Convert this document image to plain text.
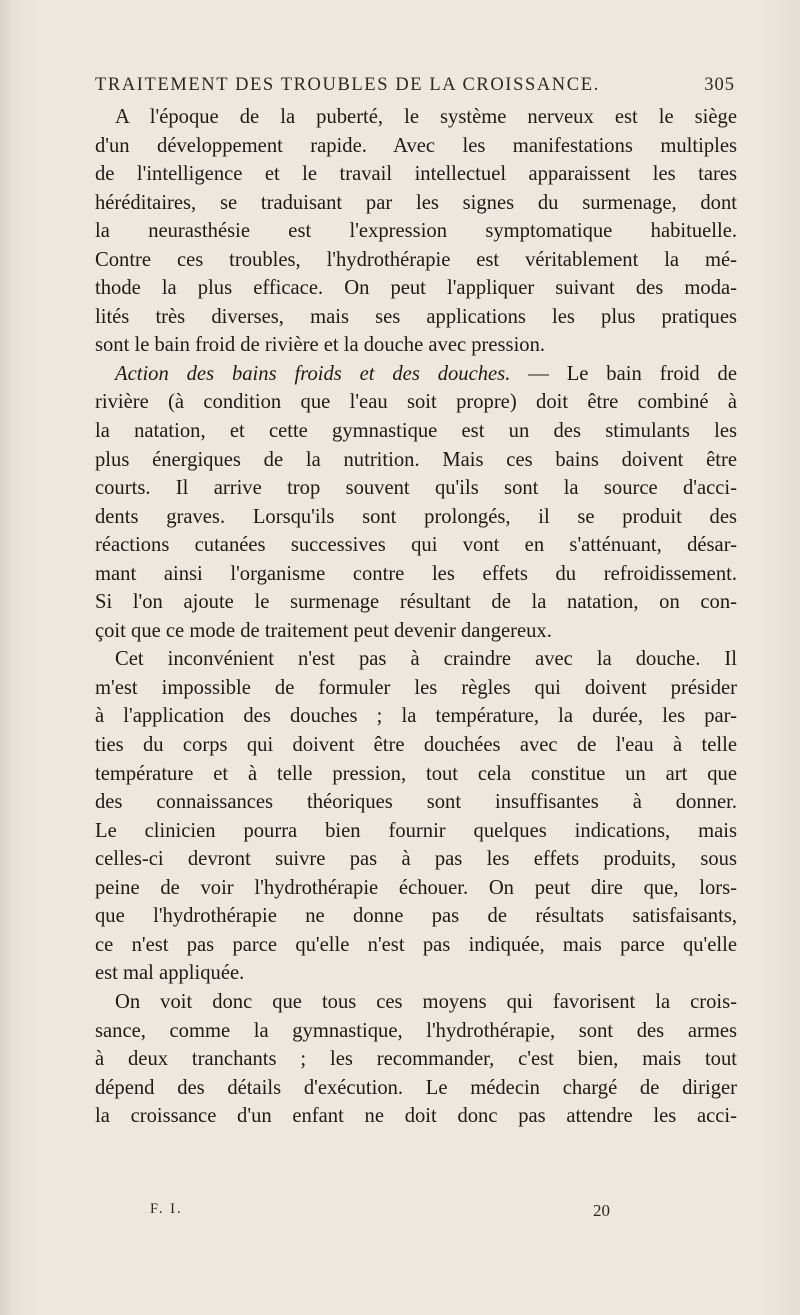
TRAITEMENT DES TROUBLES DE LA CROISSANCE.	305
A l'époque de la puberté, le système nerveux est le siège
d'un développement rapide. Avec les manifestations multiples
de l'intelligence et le travail intellectuel apparaissent les tares
héréditaires, se traduisant par les signes du surmenage, dont
la neurasthésie est l'expression symptomatique habituelle.
Contre ces troubles, l'hydrothérapie est véritablement la mé-
thode la plus efficace. On peut l'appliquer suivant des moda-
lités très diverses, mais ses applications les plus pratiques
sont le bain froid de rivière et la douche avec pression.
Action des bains froids et des douches. — Le bain froid de
rivière (à condition que l'eau soit propre) doit être combiné à
la natation, et cette gymnastique est un des stimulants les
plus énergiques de la nutrition. Mais ces bains doivent être
courts. Il arrive trop souvent qu'ils sont la source d'acci-
dents graves. Lorsqu'ils sont prolongés, il se produit des
réactions cutanées successives qui vont en s'atténuant, désar-
mant ainsi l'organisme contre les effets du refroidissement.
Si l'on ajoute le surmenage résultant de la natation, on con-
çoit que ce mode de traitement peut devenir dangereux.
Cet inconvénient n'est pas à craindre avec la douche. Il
m'est impossible de formuler les règles qui doivent présider
à l'application des douches ; la température, la durée, les par-
ties du corps qui doivent être douchées avec de l'eau à telle
température et à telle pression, tout cela constitue un art que
des connaissances théoriques sont insuffisantes à donner.
Le clinicien pourra bien fournir quelques indications, mais
celles-ci devront suivre pas à pas les effets produits, sous
peine de voir l'hydrothérapie échouer. On peut dire que, lors-
que l'hydrothérapie ne donne pas de résultats satisfaisants,
ce n'est pas parce qu'elle n'est pas indiquée, mais parce qu'elle
est mal appliquée.
On voit donc que tous ces moyens qui favorisent la crois-
sance, comme la gymnastique, l'hydrothérapie, sont des armes
à deux tranchants ; les recommander, c'est bien, mais tout
dépend des détails d'exécution. Le médecin chargé de diriger
la croissance d'un enfant ne doit donc pas attendre les acci-
F. I.	20
